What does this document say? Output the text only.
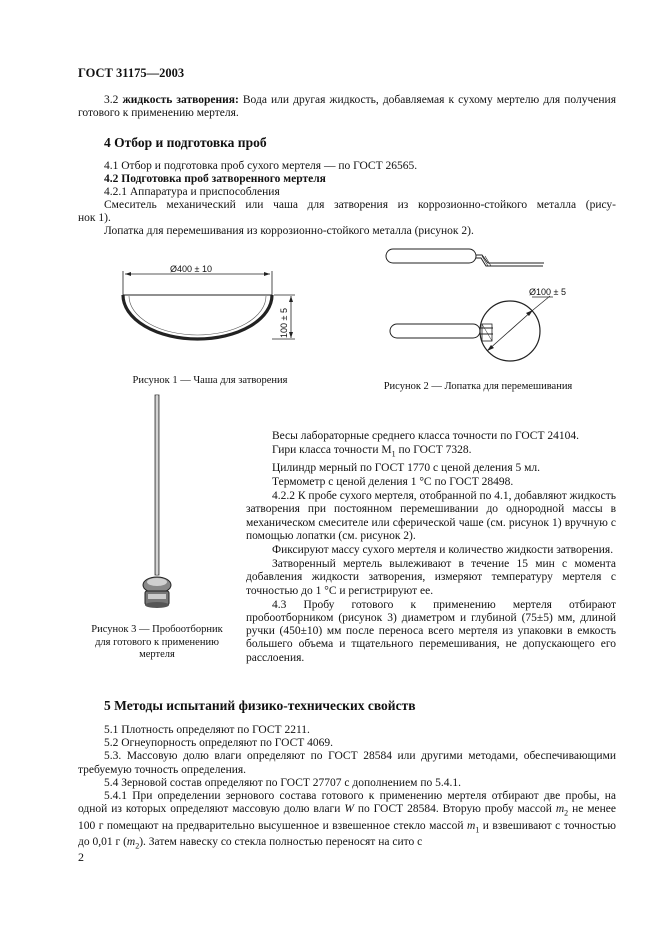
ГОСТ 31175—2003

3.2 жидкость затворения: Вода или другая жидкость, добавляемая к сухому мертелю для получения готового к применению мертеля.

4 Отбор и подготовка проб

4.1 Отбор и подготовка проб сухого мертеля — по ГОСТ 26565.

4.2 Подготовка проб затворенного мертеля

4.2.1 Аппаратура и приспособления

Смеситель механический или чаша для затворения из коррозионно-стойкого металла (рису-

нок 1).

Лопатка для перемешивания из коррозионно-стойкого металла (рисунок 2).

Ø400 ± 10
100 ± 5
Рисунок 1 — Чаша для затворения
Ø100 ± 5
Рисунок 2 — Лопатка для перемешивания
Рисунок 3 — Пробоотборник
для готового к применению
мертеля

Весы лабораторные среднего класса точности по ГОСТ 24104.

Гири класса точности $М_1$ по ГОСТ 7328.

Цилиндр мерный по ГОСТ 1770 с ценой деления 5 мл.

Термометр с ценой деления 1 °С по ГОСТ 28498.

4.2.2 К пробе сухого мертеля, отобранной по 4.1, добавляют жидкость затворения при постоянном перемешивании до однородной массы в механическом смесителе или сферической чаше (см. рисунок 1) вручную с помощью лопатки (см. рисунок 2).

Фиксируют массу сухого мертеля и количество жидкости затворения.

Затворенный мертель вылеживают в течение 15 мин с момента добавления жидкости затворения, измеряют температуру мертеля с точностью до 1 °С и регистрируют ее.

4.3 Пробу готового к применению мертеля отбирают пробоотборником (рисунок 3) диаметром и глубиной (75±5) мм, длиной ручки (450±10) мм после переноса всего мертеля из упаковки в емкость большего объема и тщательного перемешивания, не допускающего его расслоения.

5 Методы испытаний физико-технических свойств

5.1 Плотность определяют по ГОСТ 2211.

5.2 Огнеупорность определяют по ГОСТ 4069.

5.3. Массовую долю влаги определяют по ГОСТ 28584 или другими методами, обеспечивающими требуемую точность определения.

5.4 Зерновой состав определяют по ГОСТ 27707 с дополнением по 5.4.1.

5.4.1 При определении зернового состава готового к применению мертеля отбирают две пробы, на одной из которых определяют массовую долю влаги W по ГОСТ 28584. Вторую пробу массой $m_2$ не менее 100 г помещают на предварительно высушенное и взвешенное стекло массой $m_1$ и взвешивают с точностью до 0,01 г $(m_2)$. Затем навеску со стекла полностью переносят на сито с

2
